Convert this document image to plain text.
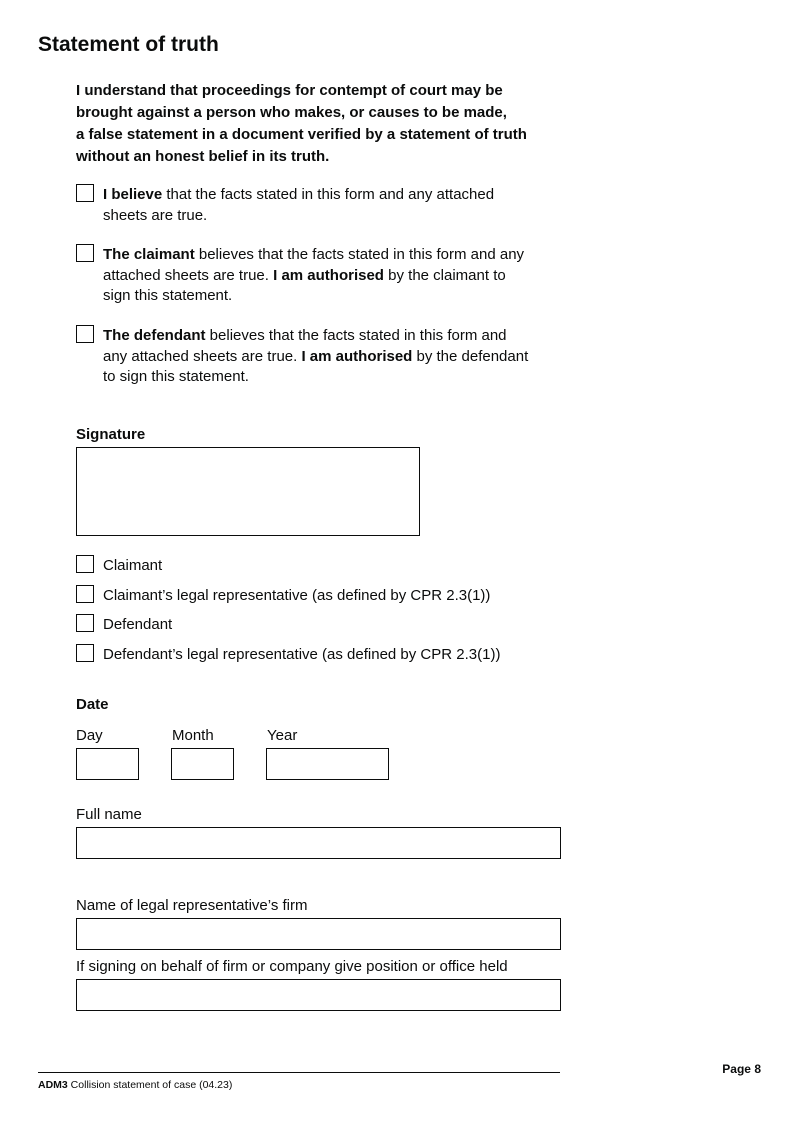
Statement of truth
I understand that proceedings for contempt of court may be
brought against a person who makes, or causes to be made,
a false statement in a document verified by a statement of truth
without an honest belief in its truth.
I believe that the facts stated in this form and any attached
sheets are true.
The claimant believes that the facts stated in this form and any
attached sheets are true. I am authorised by the claimant to
sign this statement.
The defendant believes that the facts stated in this form and
any attached sheets are true. I am authorised by the defendant
to sign this statement.
Signature
Claimant
Claimant’s legal representative (as defined by CPR 2.3(1))
Defendant
Defendant’s legal representative (as defined by CPR 2.3(1))
Date
Day	Month	Year
Full name
Name of legal representative’s firm
If signing on behalf of firm or company give position or office held
Page 8
ADM3 Collision statement of case (04.23)
